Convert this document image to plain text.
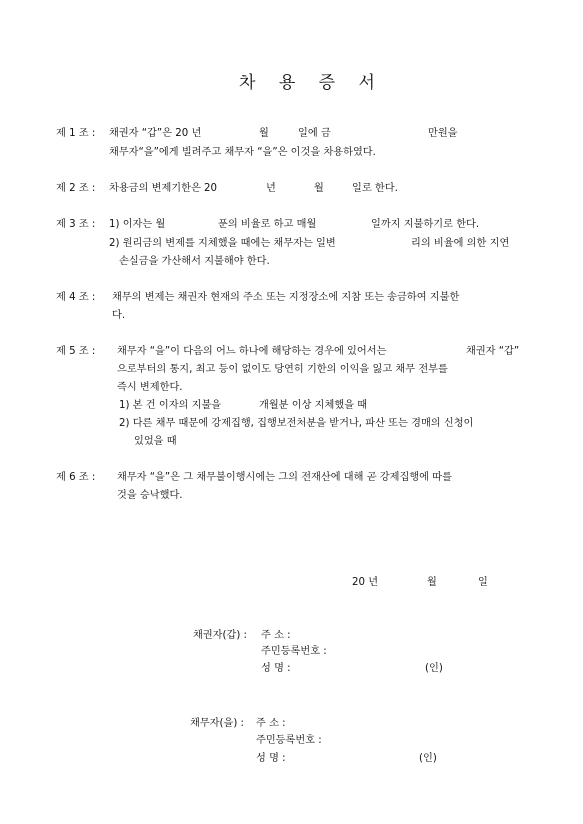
차 용 증 서
제 1 조 : 채권자 “갑”은 20 년	월	일에 금	만원을
채무자“을”에게 빌려주고 채무자 “을”은 이것을 차용하였다.
제 2 조 : 차용금의 변제기한은 20	년	월	일로 한다.
제 3 조 : 1) 이자는 월	푼의 비율로 하고 매월	일까지 지불하기로 한다.
2) 원리금의 변제를 지체했을 때에는 채무자는 일변	리의 비율에 의한 지연
손실금을 가산해서 지불해야 한다.
제 4 조 : 채무의 변제는 채권자 현재의 주소 또는 지정장소에 지참 또는 송금하여 지불한
다.
제 5 조 : 채무자 “을”이 다음의 어느 하나에 해당하는 경우에 있어서는	채권자 “갑”
으로부터의 통지, 최고 등이 없이도 당연히 기한의 이익을 잃고 채무 전부를
즉시 변제한다.
1) 본 건 이자의 지불을	개월분 이상 지체했을 때
2) 다른 채무 때문에 강제집행, 집행보전처분을 받거나, 파산 또는 경매의 신청이
있었을 때
제 6 조 : 채무자 “을”은 그 채무불이행시에는 그의 전재산에 대해 곧 강제집행에 따를
것을 승낙했다.
20 년	월	일
채권자(갑) : 주 소 :
주민등록번호 :
성 명 :	(인)
채무자(을) : 주 소 :
주민등록번호 :
성 명 :	(인)
